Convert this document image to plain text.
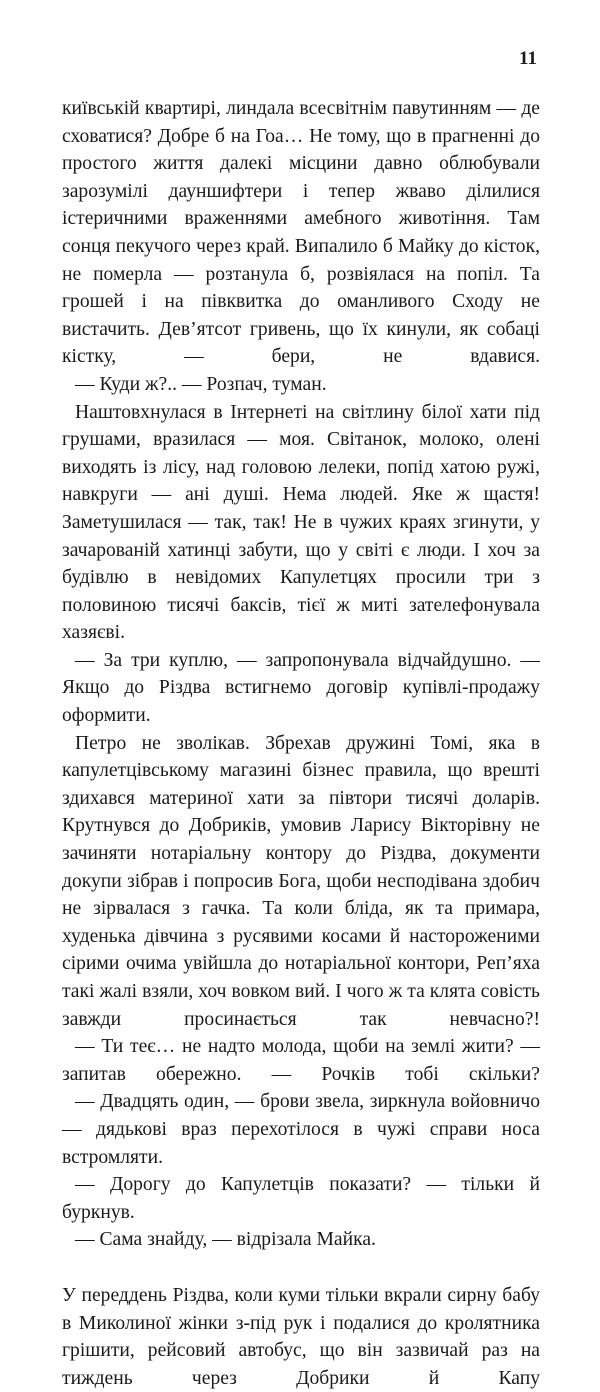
11

київській квартирі, линдала всесвітнім павутинням — де сховатися? Добре б на Гоа… Не тому, що в прагненні до простого життя далекі місцини давно облюбували зарозумілі дауншифтери і тепер жваво ділилися істеричними враженнями амебного животіння. Там сонця пекучого через край. Випалило б Майку до кісток, не померла — розтанула б, розвіялася на попіл. Та грошей і на півквитка до оманливого Сходу не вистачить. Дев’ятсот гривень, що їх кинули, як собаці кістку, — бери, не вдавися.

— Куди ж?.. — Розпач, туман.

Наштовхнулася в Інтернеті на світлину білої хати під грушами, вразилася — моя. Світанок, молоко, олені виходять із лісу, над головою лелеки, попід хатою ружі, навкруги — ані душі. Нема людей. Яке ж щастя! Заметушилася — так, так! Не в чужих краях згинути, у зачарованій хатинці забути, що у світі є люди. І хоч за будівлю в невідомих Капулетцях просили три з половиною тисячі баксів, тієї ж миті зателефонувала хазяєві.

— За три куплю, — запропонувала відчайдушно. — Якщо до Різдва встигнемо договір купівлі-продажу оформити.

Петро не зволікав. Збрехав дружині Томі, яка в капулетцівському магазині бізнес правила, що врешті здихався материної хати за півтори тисячі доларів. Крутнувся до Добриків, умовив Ларису Вікторівну не зачиняти нотаріальну контору до Різдва, документи докупи зібрав і попросив Бога, щоби несподівана здобич не зірвалася з гачка. Та коли бліда, як та примара, худенька дівчина з русявими косами й настороженими сірими очима увійшла до нотаріальної контори, Реп’яха такі жалі взяли, хоч вовком вий. І чого ж та клята совість завжди просинається так невчасно?!

— Ти теє… не надто молода, щоби на землі жити? — запитав обережно. — Рочків тобі скільки?

— Двадцять один, — брови звела, зиркнула войовничо — дядькові враз перехотілося в чужі справи носа встромляти.

— Дорогу до Капулетців показати? — тільки й буркнув.

— Сама знайду, — відрізала Майка.

У переддень Різдва, коли куми тільки вкрали сирну бабу в Миколиної жінки з-під рук і подалися до кролятника грішити, рейсовий автобус, що він зазвичай раз на тиждень через Добрики й Капу
